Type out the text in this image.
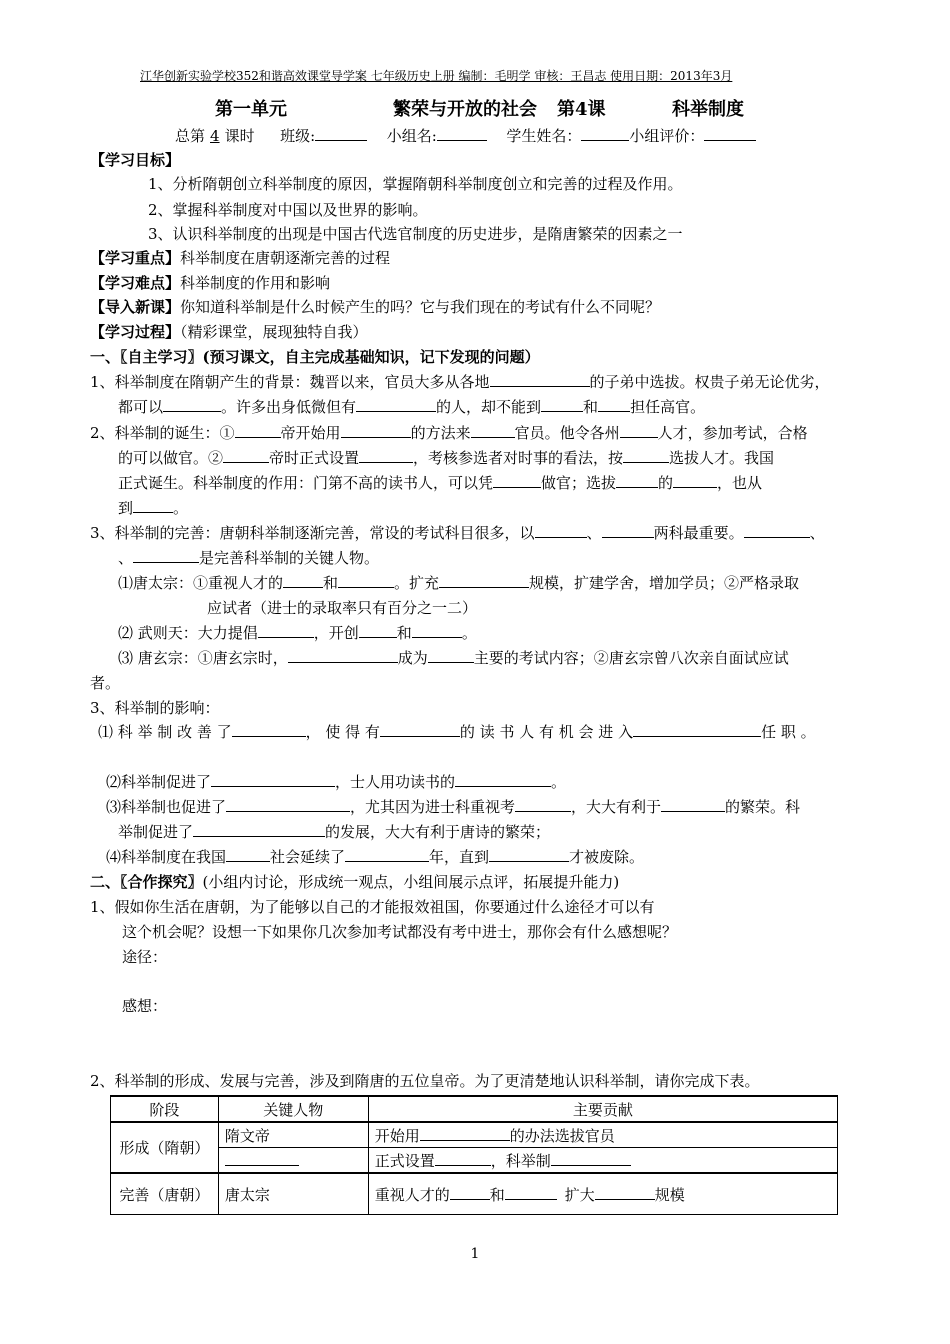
江华创新实验学校352和谐高效课堂导学案 七年级历史上册 编制：毛明学 审核：王昌志 使用日期：2013年3月
第一单元	繁荣与开放的社会 第4课	科举制度
总第 4 课时 班级:	小组名:	学生姓名：	小组评价：
【学习目标】
1、分析隋朝创立科举制度的原因，掌握隋朝科举制度创立和完善的过程及作用。
2、掌握科举制度对中国以及世界的影响。
3、认识科举制度的出现是中国古代选官制度的历史进步，是隋唐繁荣的因素之一
【学习重点】科举制度在唐朝逐渐完善的过程
【学习难点】科举制度的作用和影响
【导入新课】你知道科举制是什么时候产生的吗？它与我们现在的考试有什么不同呢？
【学习过程】（精彩课堂，展现独特自我）
一、〖自主学习〗(预习课文，自主完成基础知识，记下发现的问题）
1、科举制度在隋朝产生的背景：魏晋以来，官员大多从各地	的子弟中选拔。权贵子弟无论优劣，
都可以	。许多出身低微但有	的人，却不能到	和 担任高官。
2、科举制的诞生：①	帝开始用	的方法来	官员。他令各州	人才，参加考试，合格
的可以做官。②	帝时正式设置	，考核参选者对时事的看法，按	选拔人才。我国
正式诞生。科举制度的作用：门第不高的读书人，可以凭	做官；选拔	的	，也从
到	。
3、科举制的完善：唐朝科举制逐渐完善，常设的考试科目很多，以	、	两科最重要。	、
、	是完善科举制的关键人物。
⑴唐太宗：①重视人才的	和	。扩充	规模，扩建学舍，增加学员；②严格录取
应试者（进士的录取率只有百分之一二）
⑵ 武则天：大力提倡	，开创	和	。
⑶ 唐玄宗：①唐玄宗时，	成为	主要的考试内容；②唐玄宗曾八次亲自面试应试
者。
3、科举制的影响：
⑴ 科 举 制 改 善 了	， 使 得 有	的 读 书 人 有 机 会 进 入	任 职 。
⑵科举制促进了	，士人用功读书的	。
⑶科举制也促进了	，尤其因为进士科重视考	，大大有利于	的繁荣。科
举制促进了	的发展，大大有利于唐诗的繁荣；
⑷科举制度在我国	社会延续了	年，直到	才被废除。
二、〖合作探究〗(小组内讨论，形成统一观点，小组间展示点评，拓展提升能力)
1、假如你生活在唐朝，为了能够以自己的才能报效祖国，你要通过什么途径才可以有
这个机会呢？设想一下如果你几次参加考试都没有考中进士，那你会有什么感想呢？
途径：
感想：
2、科举制的形成、发展与完善，涉及到隋唐的五位皇帝。为了更清楚地认识科举制，请你完成下表。
阶段	关键人物	主要贡献
形成（隋朝）	隋文帝	开始用 的办法选拔官员
		正式设置 ，科举制
完善（唐朝）	唐太宗	重视人才的 和 扩大 规模
1
